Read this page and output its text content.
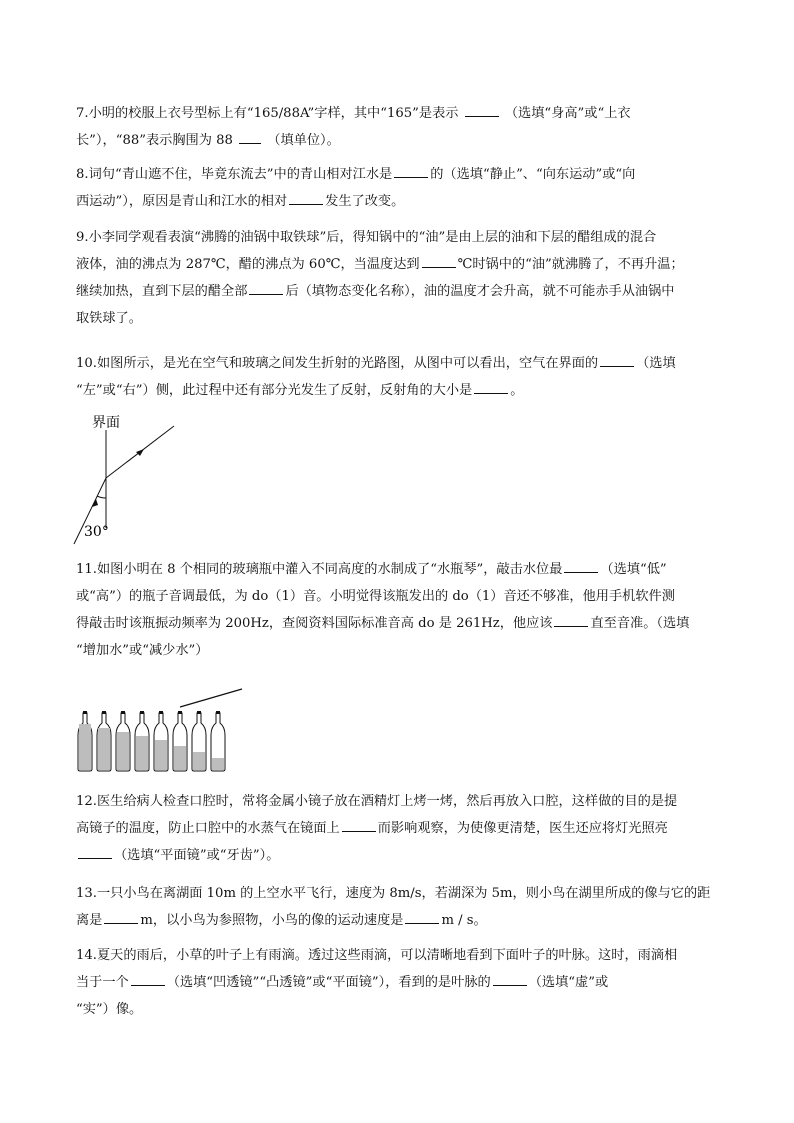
7.小明的校服上衣号型标上有“165/88A”字样，其中“165”是表示	（选填“身高”或“上衣
长”），“88”表示胸围为 88	（填单位）。
8.词句“青山遮不住，毕竟东流去”中的青山相对江水是	的（选填“静止”、“向东运动”或“向
西运动”），原因是青山和江水的相对	发生了改变。
9.小李同学观看表演“沸腾的油锅中取铁球”后，得知锅中的“油”是由上层的油和下层的醋组成的混合
液体，油的沸点为 287℃，醋的沸点为 60℃，当温度达到	℃时锅中的“油”就沸腾了，不再升温；
继续加热，直到下层的醋全部	后（填物态变化名称），油的温度才会升高，就不可能赤手从油锅中
取铁球了。
10.如图所示，是光在空气和玻璃之间发生折射的光路图，从图中可以看出，空气在界面的	（选填
“左”或“右”）侧，此过程中还有部分光发生了反射，反射角的大小是	。
界面
30°
11.如图小明在 8 个相同的玻璃瓶中灌入不同高度的水制成了“水瓶琴”，敲击水位最	（选填“低”
或“高”）的瓶子音调最低，为 do（1）音。小明觉得该瓶发出的 do（1）音还不够准，他用手机软件测
得敲击时该瓶振动频率为 200Hz，查阅资料国际标准音高 do 是 261Hz，他应该	直至音准。（选填
“增加水”或“减少水”）
12.医生给病人检查口腔时，常将金属小镜子放在酒精灯上烤一烤，然后再放入口腔，这样做的目的是提
高镜子的温度，防止口腔中的水蒸气在镜面上	而影响观察，为使像更清楚，医生还应将灯光照亮
（选填“平面镜”或“牙齿”）。
13.一只小鸟在离湖面 10m 的上空水平飞行，速度为 8m/s，若湖深为 5m，则小鸟在湖里所成的像与它的距
离是	m，以小鸟为参照物，小鸟的像的运动速度是	m / s。
14.夏天的雨后，小草的叶子上有雨滴。透过这些雨滴，可以清晰地看到下面叶子的叶脉。这时，雨滴相
当于一个	（选填“凹透镜”“凸透镜”或“平面镜”），看到的是叶脉的	（选填“虚”或
“实”）像。
